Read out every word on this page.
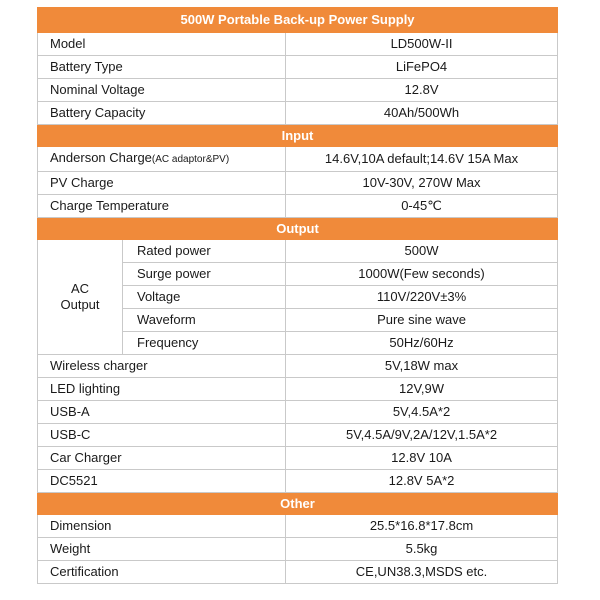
500W Portable Back-up Power Supply		
Model		LD500W-II
Battery Type		LiFePO4
Nominal Voltage		12.8V
Battery Capacity		40Ah/500Wh
Input		
Anderson Charge(AC adaptor&PV)		14.6V,10A default;14.6V 15A Max
PV Charge		10V-30V, 270W Max
Charge Temperature		0-45℃
Output		
AC
Output	Rated power	500W
	Surge power	1000W(Few seconds)
	Voltage	110V/220V±3%
	Waveform	Pure sine wave
	Frequency	50Hz/60Hz
Wireless charger		5V,18W max
LED lighting		12V,9W
USB-A		5V,4.5A*2
USB-C		5V,4.5A/9V,2A/12V,1.5A*2
Car Charger		12.8V 10A
DC5521		12.8V 5A*2
Other		
Dimension		25.5*16.8*17.8cm
Weight		5.5kg
Certification		CE,UN38.3,MSDS etc.
